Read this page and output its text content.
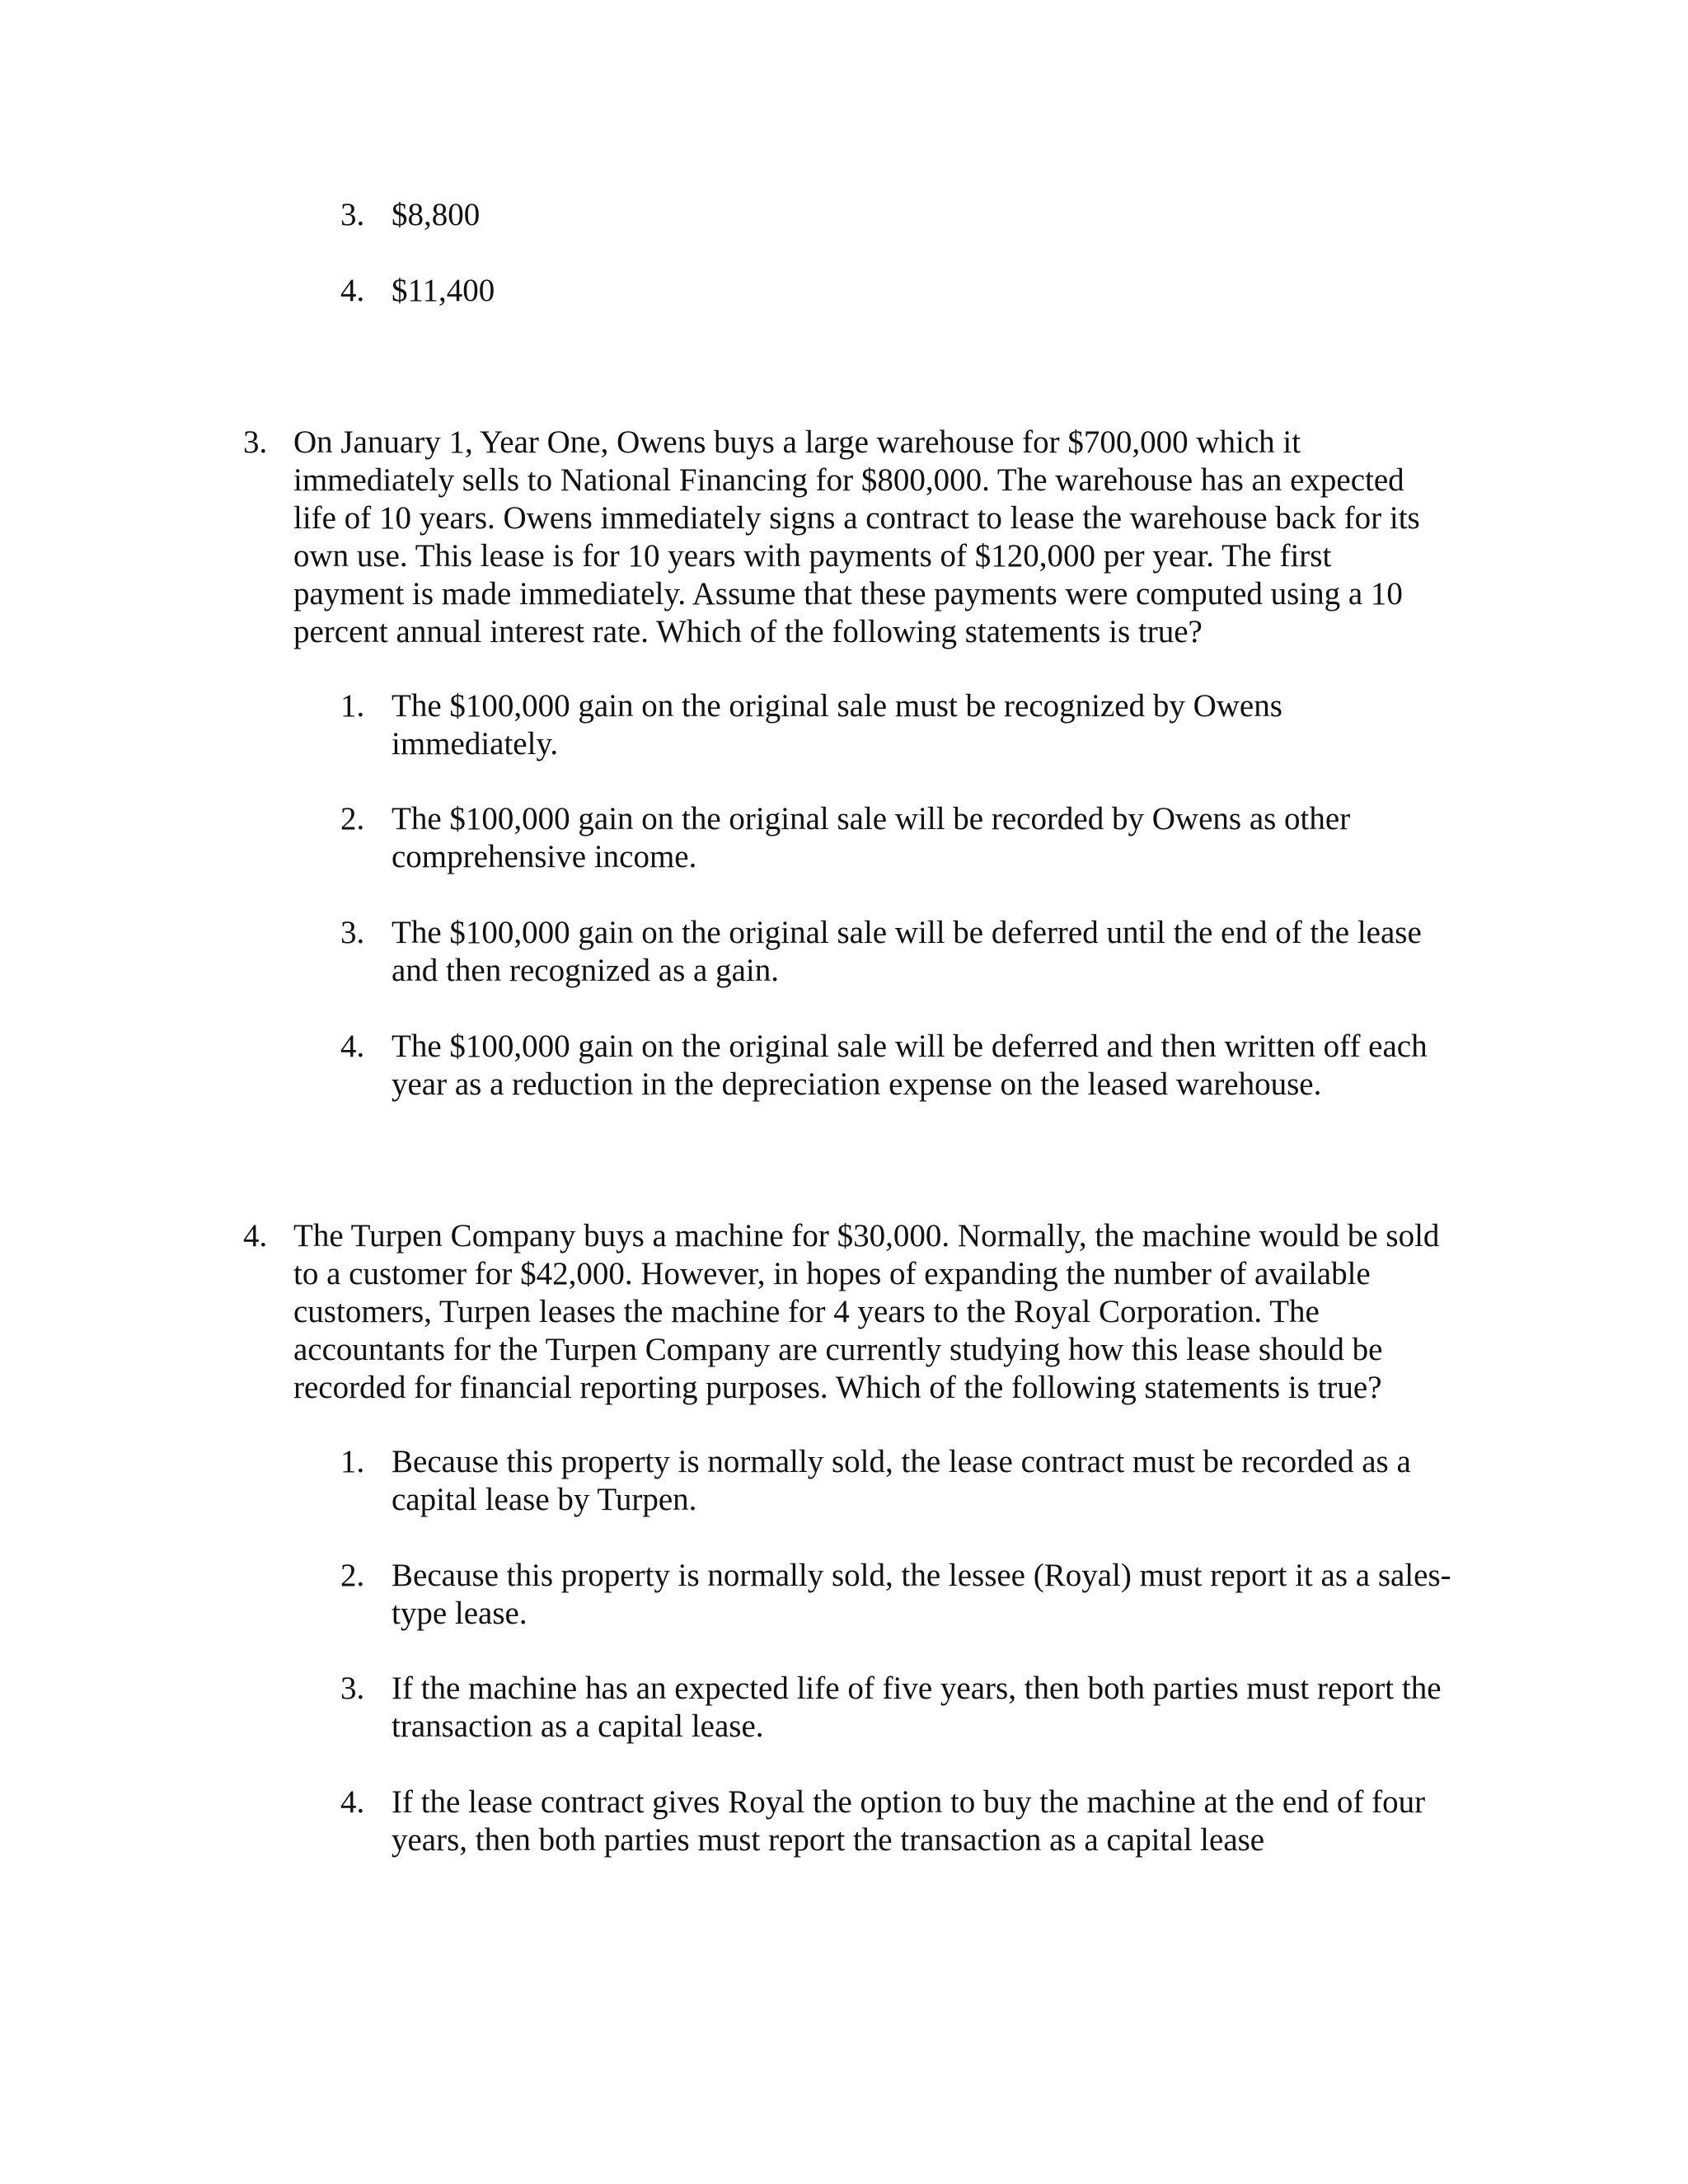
3. $8,800
4. $11,400
3. On January 1, Year One, Owens buys a large warehouse for $700,000 which it

immediately sells to National Financing for $800,000. The warehouse has an expected

life of 10 years. Owens immediately signs a contract to lease the warehouse back for its

own use. This lease is for 10 years with payments of $120,000 per year. The first

payment is made immediately. Assume that these payments were computed using a 10

percent annual interest rate. Which of the following statements is true?

1. The $100,000 gain on the original sale must be recognized by Owens

immediately.

2. The $100,000 gain on the original sale will be recorded by Owens as other

comprehensive income.

3. The $100,000 gain on the original sale will be deferred until the end of the lease

and then recognized as a gain.

4. The $100,000 gain on the original sale will be deferred and then written off each

year as a reduction in the depreciation expense on the leased warehouse.

4. The Turpen Company buys a machine for $30,000. Normally, the machine would be sold

to a customer for $42,000. However, in hopes of expanding the number of available

customers, Turpen leases the machine for 4 years to the Royal Corporation. The

accountants for the Turpen Company are currently studying how this lease should be

recorded for financial reporting purposes. Which of the following statements is true?

1. Because this property is normally sold, the lease contract must be recorded as a

capital lease by Turpen.

2. Because this property is normally sold, the lessee (Royal) must report it as a sales-

type lease.

3. If the machine has an expected life of five years, then both parties must report the

transaction as a capital lease.

4. If the lease contract gives Royal the option to buy the machine at the end of four

years, then both parties must report the transaction as a capital lease
